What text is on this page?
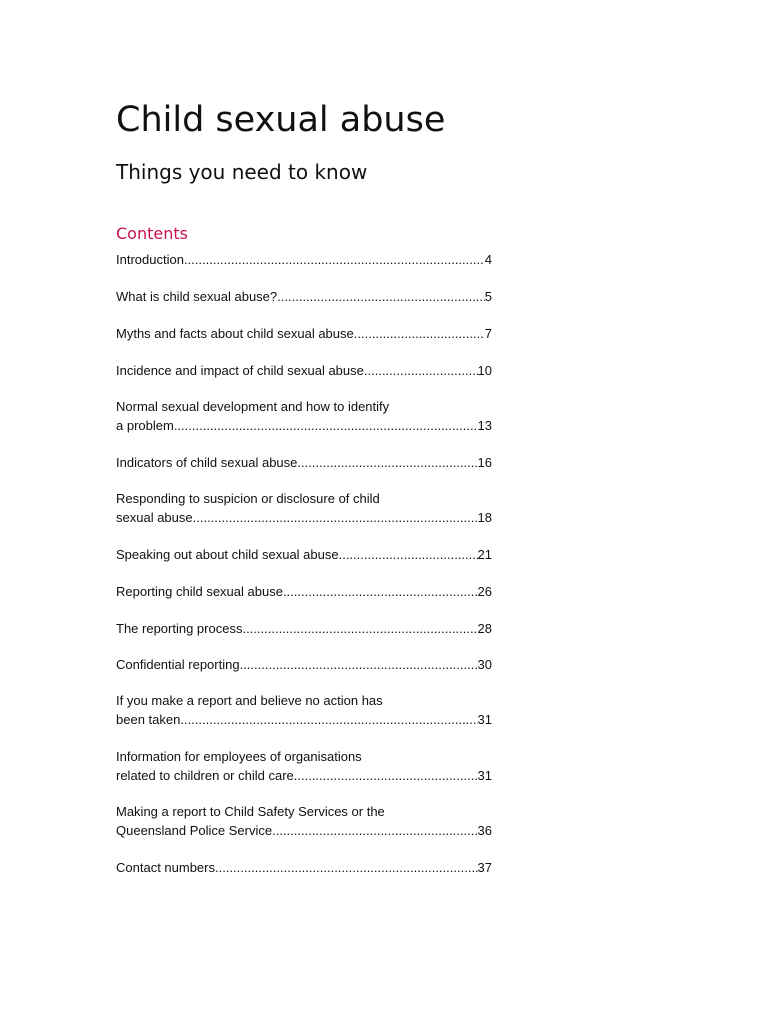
Child sexual abuse
Things you need to know
Contents
Introduction .....	4
What is child sexual abuse? .....	5
Myths and facts about child sexual abuse .....	7
Incidence and impact of child sexual abuse .....	10
Normal sexual development and how to identify
a problem .....	13
Indicators of child sexual abuse .....	16
Responding to suspicion or disclosure of child
sexual abuse .....	18
Speaking out about child sexual abuse .....	21
Reporting child sexual abuse .....	26
The reporting process .....	28
Confidential reporting .....	30
If you make a report and believe no action has
been taken .....	31
Information for employees of organisations
related to children or child care .....	31
Making a report to Child Safety Services or the
Queensland Police Service .....	36
Contact numbers .....	37
